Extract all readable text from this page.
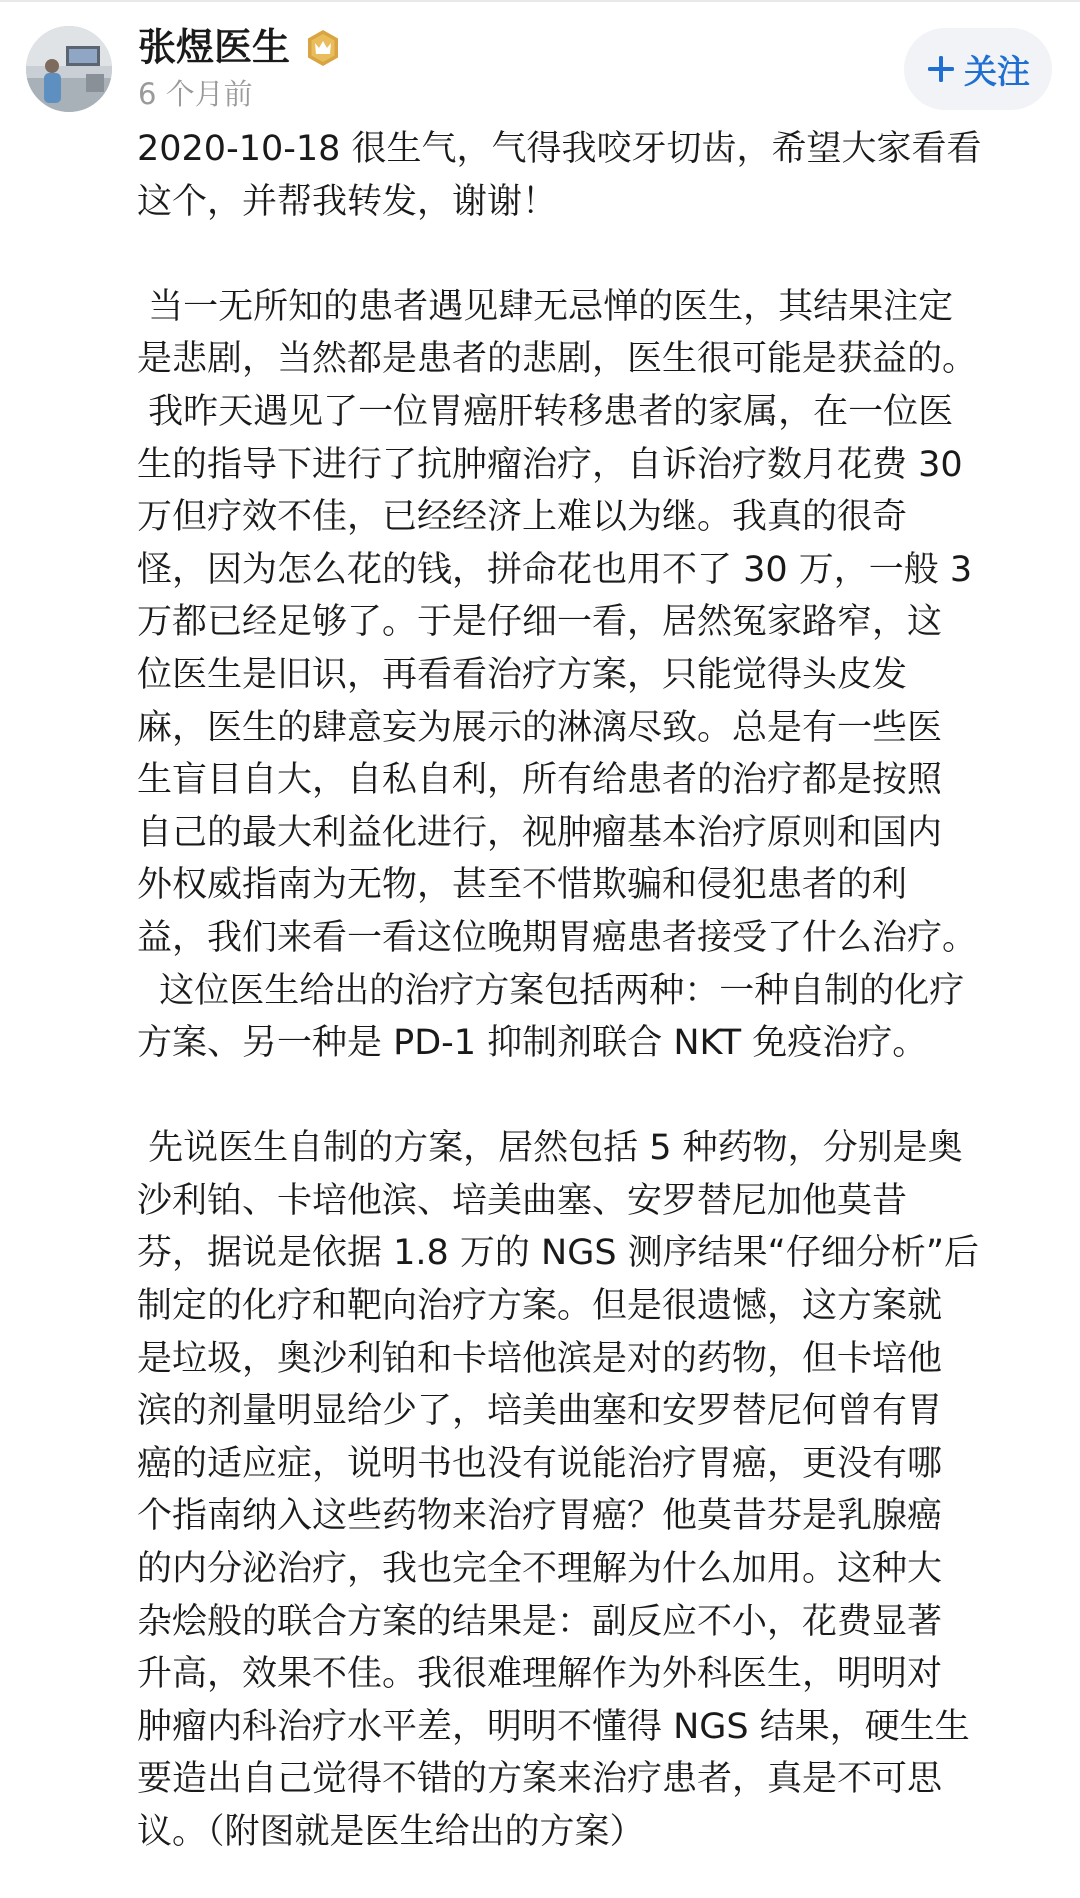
张煜医生
6 个月前
关注

2020-10-18 很生气，气得我咬牙切齿，希望大家看看
这个，并帮我转发，谢谢！

当一无所知的患者遇见肆无忌惮的医生，其结果注定
是悲剧，当然都是患者的悲剧，医生很可能是获益的。
我昨天遇见了一位胃癌肝转移患者的家属，在一位医
生的指导下进行了抗肿瘤治疗，自诉治疗数月花费 30
万但疗效不佳，已经经济上难以为继。我真的很奇
怪，因为怎么花的钱，拼命花也用不了 30 万，一般 3
万都已经足够了。于是仔细一看，居然冤家路窄，这
位医生是旧识，再看看治疗方案，只能觉得头皮发
麻，医生的肆意妄为展示的淋漓尽致。总是有一些医
生盲目自大，自私自利，所有给患者的治疗都是按照
自己的最大利益化进行，视肿瘤基本治疗原则和国内
外权威指南为无物，甚至不惜欺骗和侵犯患者的利
益，我们来看一看这位晚期胃癌患者接受了什么治疗。
这位医生给出的治疗方案包括两种：一种自制的化疗
方案、另一种是 PD-1 抑制剂联合 NKT 免疫治疗。

先说医生自制的方案，居然包括 5 种药物，分别是奥
沙利铂、卡培他滨、培美曲塞、安罗替尼加他莫昔
芬，据说是依据 1.8 万的 NGS 测序结果“仔细分析”后
制定的化疗和靶向治疗方案。但是很遗憾，这方案就
是垃圾，奥沙利铂和卡培他滨是对的药物，但卡培他
滨的剂量明显给少了，培美曲塞和安罗替尼何曾有胃
癌的适应症，说明书也没有说能治疗胃癌，更没有哪
个指南纳入这些药物来治疗胃癌？他莫昔芬是乳腺癌
的内分泌治疗，我也完全不理解为什么加用。这种大
杂烩般的联合方案的结果是：副反应不小，花费显著
升高，效果不佳。我很难理解作为外科医生，明明对
肿瘤内科治疗水平差，明明不懂得 NGS 结果，硬生生
要造出自己觉得不错的方案来治疗患者，真是不可思
议。（附图就是医生给出的方案）
